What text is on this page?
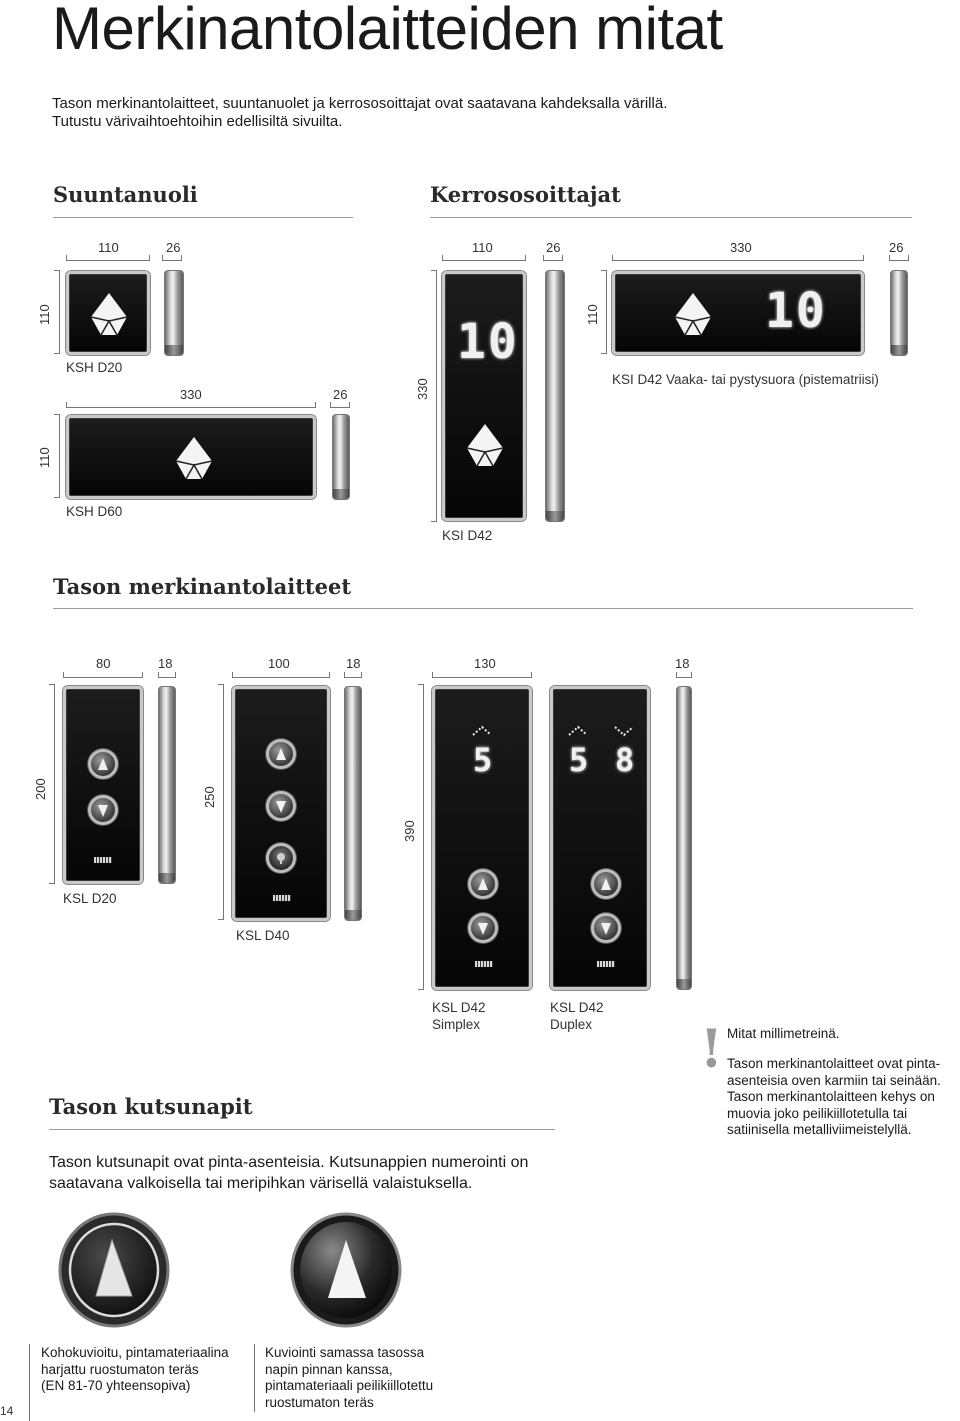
Merkinantolaitteiden mitat
Tason merkinantolaitteet, suuntanuolet ja kerrososoittajat ovat saatavana kahdeksalla värillä.
Tutustu värivaihtoehtoihin edellisiltä sivuilta.
Suuntanuoli	Kerrososoittajat
110	26
110
KSH D20
330	26
110
KSH D60
110	26
330
10
KSI D42
330	26
110	10
KSI D42 Vaaka- tai pystysuora (pistematriisi)
Tason merkinantolaitteet
80	18
200
KSL D20
100	18
250
KSL D40
130	18
390
5
KSL D42
Simplex
5 8
KSL D42
Duplex ! Mitat millimetreinä.
Tason merkinantolaitteet ovat pinta-asenteisia oven karmiin tai seinään. Tason merkinantolaitteen kehys on muovia joko peilikiillotetulla tai satiinisella metalliviimeistelyllä.
Tason kutsunapit
Tason kutsunapit ovat pinta-asenteisia. Kutsunappien numerointi on
saatavana valkoisella tai meripihkan värisellä valaistuksella.
Kohokuvioitu, pintamateriaalina
harjattu ruostumaton teräs
(EN 81-70 yhteensopiva)
Kuviointi samassa tasossa
napin pinnan kanssa,
pintamateriaali peilikiillotettu
ruostumaton teräs
14
